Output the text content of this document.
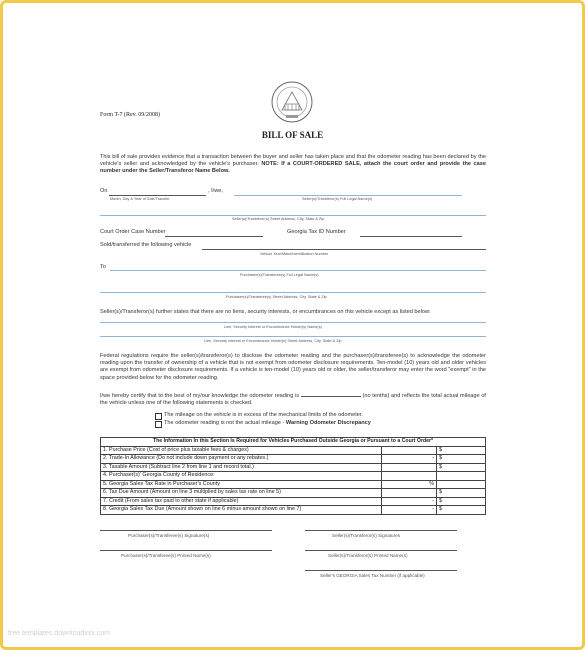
Form T-7 (Rev. 09/2008)
BILL OF SALE
This bill of sale provides evidence that a transaction between the buyer and seller has taken place and that the odometer reading has been declared by the vehicle's seller and acknowledged by the vehicle's purchaser. NOTE: If a COURT-ORDERED SALE, attach the court order and provide the case number under the Seller/Transferor Name Below.
On	, I/we,
Month, Day & Year of Sale/Transfer	Seller(s)/Transferor(s) Full Legal Name(s)
Seller(s)/Transferor(s) Street Address, City, State & Zip
Court Order Case Number	Georgia Tax ID Number
Sold/transferred the following vehicle
Vehicle Year/Make/Identification Number
To
Purchaser(s)/Transferee(s) Full Legal Name(s)
Purchaser(s)/Transferee(s) Street Address, City, State & Zip
Seller(s)/Transferor(s) further states that there are no liens, security interests, or encumbrances on this vehicle except as listed below:
Lien, Security Interest or Encumbrance Holder(s) Name(s)
Lien, Security Interest or Encumbrance Holder(s) Street Address, City, State & Zip
Federal regulations require the seller(s)/transferor(s) to disclose the odometer reading and the purchaser(s)/transferee(s) to acknowledge the odometer reading upon the transfer of ownership of a vehicle that is not exempt from odometer disclosure requirements. Ten-model (10) years old and older vehicles are exempt from odometer disclosure requirements. If a vehicle is ten-model (10) years old or older, the seller/transferor may enter the word "exempt" in the space provided below for the odometer reading.
I/we hereby certify that to the best of my/our knowledge the odometer reading is	(no tenths) and reflects the total actual mileage of the vehicle unless one of the following statements is checked.
The mileage on the vehicle is in excess of the mechanical limits of the odometer.
The odometer reading is not the actual mileage - Warning Odometer Discrepancy
The Information In this Section Is Required for Vehicles Purchased Outside Georgia or Pursuant to a Court Order*		
1. Purchase Price (Cost of price plus taxable fees & charges)		$
2. Trade-In Allowance (Do not include down payment or any rebates.)	-	$
3. Taxable Amount (Subtract line 2 from line 1 and record total.)		$
4. Purchaser(s)' Georgia County of Residence:		
5. Georgia Sales Tax Rate in Purchaser's County	%	
6. Tax Due Amount (Amount on line 3 multiplied by sales tax rate on line 5)		$
7. Credit (From sales tax paid to other state if applicable)	-	$
8. Georgia Sales Tax Due (Amount shown on line 6 minus amount shown on line 7)	-	$
Purchaser(s)/Transferee(s) Signature(s)	Seller(s)/Transferor(s) Signatures
Purchaser(s)/Transferee(s) Printed Name(s)	Seller(s)/Transferor(s) Printed Name(s)
Seller's GEORGIA Sales Tax Number (if applicable)
free templates downloadxxx.com
